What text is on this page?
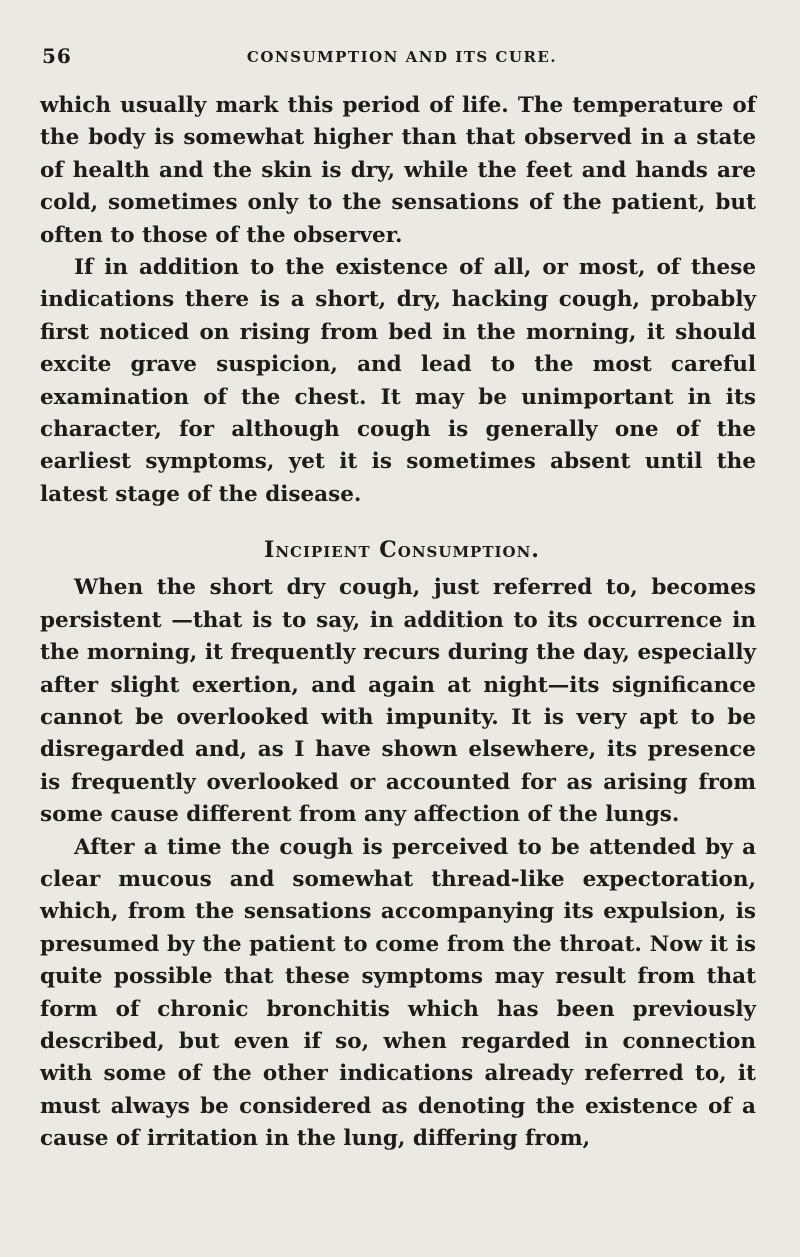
56	CONSUMPTION AND ITS CURE.

which usually mark this period of life. The temperature of the body is somewhat higher than that observed in a state of health and the skin is dry, while the feet and hands are cold, sometimes only to the sensations of the patient, but often to those of the observer.

If in addition to the existence of all, or most, of these indications there is a short, dry, hacking cough, probably first noticed on rising from bed in the morning, it should excite grave suspicion, and lead to the most careful examination of the chest. It may be unimportant in its character, for although cough is generally one of the earliest symptoms, yet it is sometimes absent until the latest stage of the disease.

Incipient Consumption.

When the short dry cough, just referred to, becomes persistent —that is to say, in addition to its occurrence in the morning, it frequently recurs during the day, especially after slight exertion, and again at night—its significance cannot be overlooked with impunity. It is very apt to be disregarded and, as I have shown elsewhere, its presence is frequently overlooked or accounted for as arising from some cause different from any affection of the lungs.

After a time the cough is perceived to be attended by a clear mucous and somewhat thread-like expectoration, which, from the sensations accompanying its expulsion, is presumed by the patient to come from the throat. Now it is quite possible that these symptoms may result from that form of chronic bronchitis which has been previously described, but even if so, when regarded in connection with some of the other indications already referred to, it must always be considered as denoting the existence of a cause of irritation in the lung, differing from,
